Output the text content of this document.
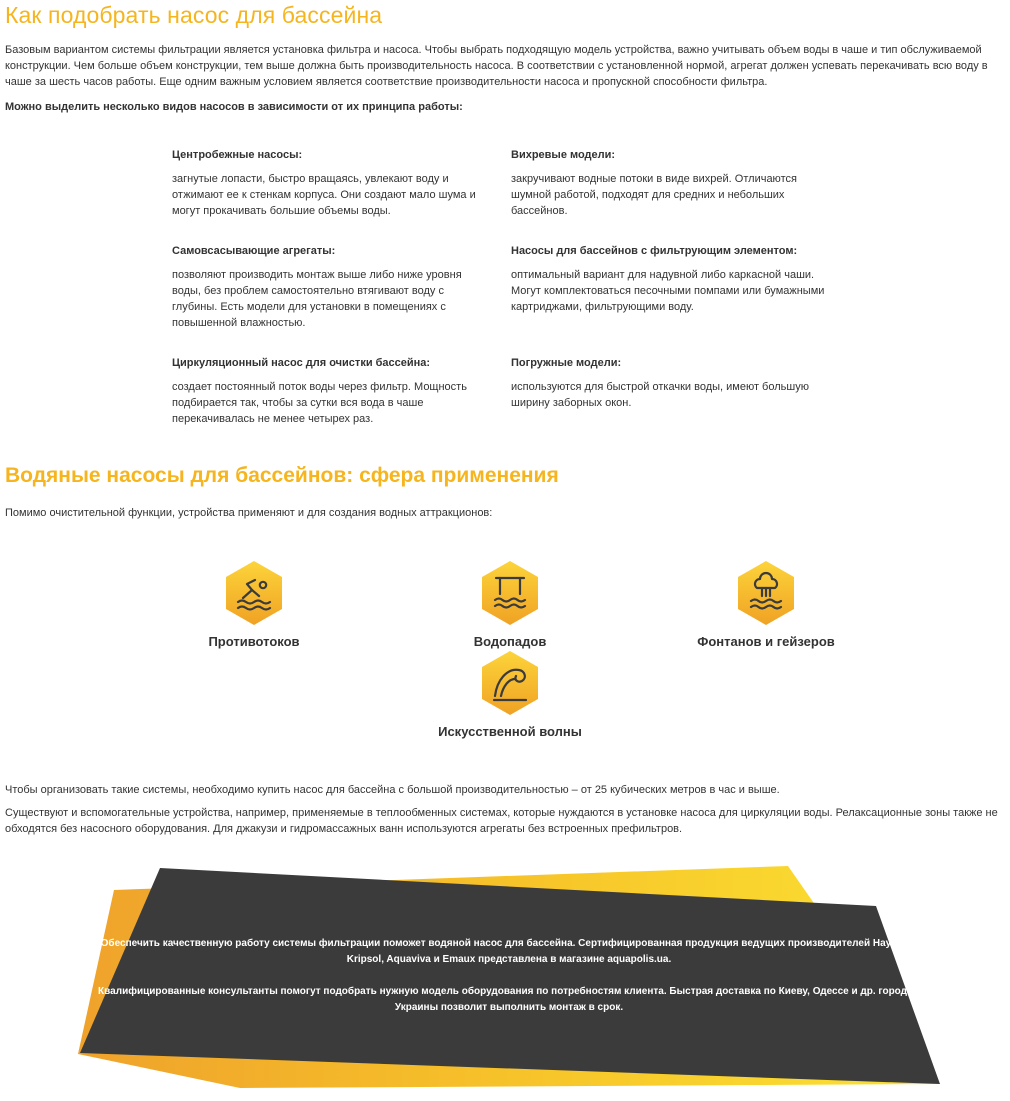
Как подобрать насос для бассейна

Базовым вариантом системы фильтрации является установка фильтра и насоса. Чтобы выбрать подходящую модель устройства, важно учитывать объем воды в чаше и тип обслуживаемой конструкции. Чем больше объем конструкции, тем выше должна быть производительность насоса. В соответствии с установленной нормой, агрегат должен успевать перекачивать всю воду в чаше за шесть часов работы. Еще одним важным условием является соответствие производительности насоса и пропускной способности фильтра.

Можно выделить несколько видов насосов в зависимости от их принципа работы:

Центробежные насосы:

загнутые лопасти, быстро вращаясь, увлекают воду и отжимают ее к стенкам корпуса. Они создают мало шума и могут прокачивать большие объемы воды.

Вихревые модели:

закручивают водные потоки в виде вихрей. Отличаются шумной работой, подходят для средних и небольших бассейнов.

Самовсасывающие агрегаты:

позволяют производить монтаж выше либо ниже уровня воды, без проблем самостоятельно втягивают воду с глубины. Есть модели для установки в помещениях с повышенной влажностью.

Насосы для бассейнов с фильтрующим элементом:

оптимальный вариант для надувной либо каркасной чаши. Могут комплектоваться песочными помпами или бумажными картриджами, фильтрующими воду.

Циркуляционный насос для очистки бассейна:

создает постоянный поток воды через фильтр. Мощность подбирается так, чтобы за сутки вся вода в чаше перекачивалась не менее четырех раз.

Погружные модели:

используются для быстрой откачки воды, имеют большую ширину заборных окон.

Водяные насосы для бассейнов: сфера применения

Помимо очистительной функции, устройства применяют и для создания водных аттракционов:

Противотоков	Водопадов	Фонтанов и гейзеров
Искусственной волны

Чтобы организовать такие системы, необходимо купить насос для бассейна с большой производительностью – от 25 кубических метров в час и выше.

Существуют и вспомогательные устройства, например, применяемые в теплообменных системах, которые нуждаются в установке насоса для циркуляции воды. Релаксационные зоны также не обходятся без насосного оборудования. Для джакузи и гидромассажных ванн используются агрегаты без встроенных префильтров.

Обеспечить качественную работу системы фильтрации поможет водяной насос для бассейна. Сертифицированная продукция ведущих производителей Hayward, Kripsol, Aquaviva и Emaux представлена в магазине aquapolis.ua.

Квалифицированные консультанты помогут подобрать нужную модель оборудования по потребностям клиента. Быстрая доставка по Киеву, Одессе и др. городам Украины позволит выполнить монтаж в срок.
